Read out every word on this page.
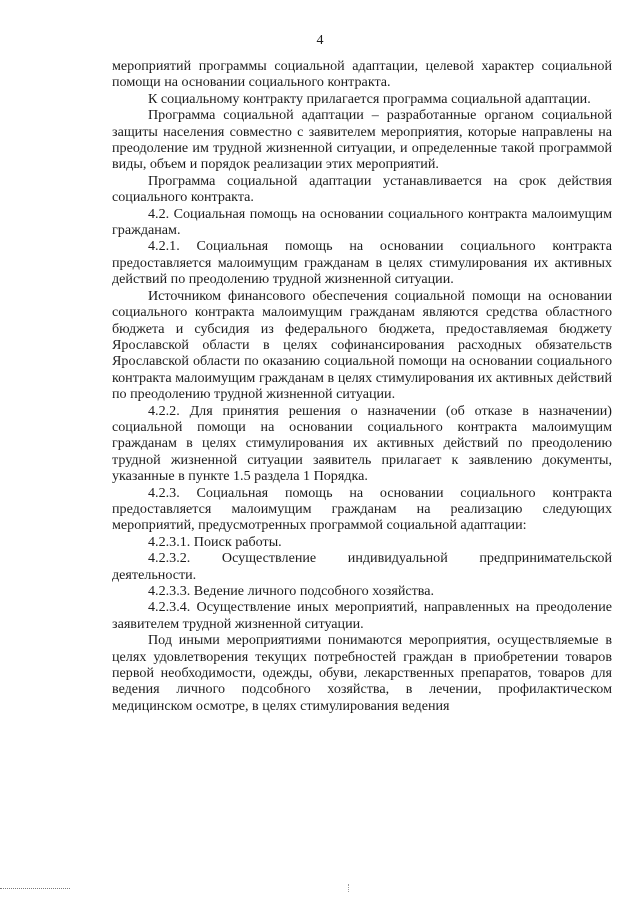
4

мероприятий программы социальной адаптации, целевой характер социальной помощи на основании социального контракта.

К социальному контракту прилагается программа социальной адаптации.

Программа социальной адаптации – разработанные органом социальной защиты населения совместно с заявителем мероприятия, которые направлены на преодоление им трудной жизненной ситуации, и определенные такой программой виды, объем и порядок реализации этих мероприятий.

Программа социальной адаптации устанавливается на срок действия социального контракта.

4.2. Социальная помощь на основании социального контракта малоимущим гражданам.

4.2.1. Социальная помощь на основании социального контракта предоставляется малоимущим гражданам в целях стимулирования их активных действий по преодолению трудной жизненной ситуации.

Источником финансового обеспечения социальной помощи на основании социального контракта малоимущим гражданам являются средства областного бюджета и субсидия из федерального бюджета, предоставляемая бюджету Ярославской области в целях софинансирования расходных обязательств Ярославской области по оказанию социальной помощи на основании социального контракта малоимущим гражданам в целях стимулирования их активных действий по преодолению трудной жизненной ситуации.

4.2.2. Для принятия решения о назначении (об отказе в назначении) социальной помощи на основании социального контракта малоимущим гражданам в целях стимулирования их активных действий по преодолению трудной жизненной ситуации заявитель прилагает к заявлению документы, указанные в пункте 1.5 раздела 1 Порядка.

4.2.3. Социальная помощь на основании социального контракта предоставляется малоимущим гражданам на реализацию следующих мероприятий, предусмотренных программой социальной адаптации:

4.2.3.1. Поиск работы.

4.2.3.2. Осуществление индивидуальной предпринимательской деятельности.

4.2.3.3. Ведение личного подсобного хозяйства.

4.2.3.4. Осуществление иных мероприятий, направленных на преодоление заявителем трудной жизненной ситуации.

Под иными мероприятиями понимаются мероприятия, осуществляемые в целях удовлетворения текущих потребностей граждан в приобретении товаров первой необходимости, одежды, обуви, лекарственных препаратов, товаров для ведения личного подсобного хозяйства, в лечении, профилактическом медицинском осмотре, в целях стимулирования ведения
